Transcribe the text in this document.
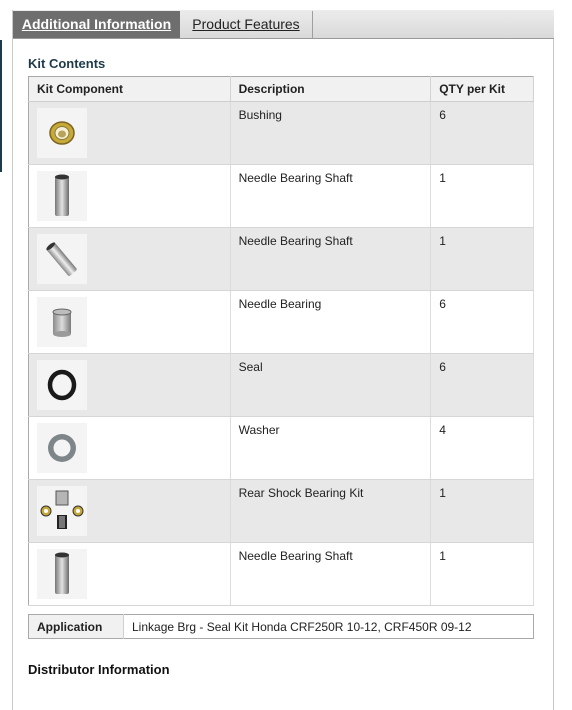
Additional Information	Product Features
Kit Contents
Kit Component	Description	QTY per Kit

	Bushing	6

	Needle Bearing Shaft	1

	Needle Bearing Shaft	1

	Needle Bearing	6

	Seal	6

	Washer	4

	Rear Shock Bearing Kit	1

	Needle Bearing Shaft	1
Application	Linkage Brg - Seal Kit Honda CRF250R 10-12, CRF450R 09-12
Distributor Information
